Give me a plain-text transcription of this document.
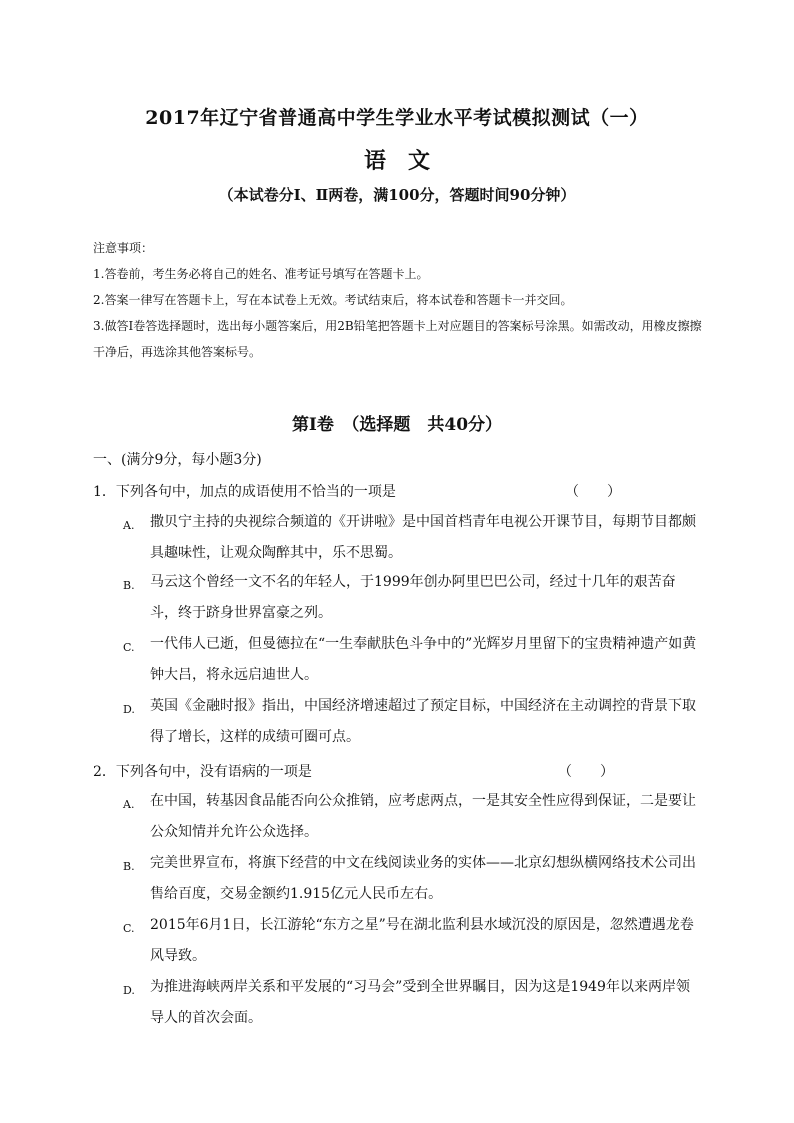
2017年辽宁省普通高中学生学业水平考试模拟测试（一）
语文
（本试卷分Ⅰ、Ⅱ两卷，满100分，答题时间90分钟）
注意事项：
1.答卷前，考生务必将自己的姓名、准考证号填写在答题卡上。
2.答案一律写在答题卡上，写在本试卷上无效。考试结束后，将本试卷和答题卡一并交回。
3.做答Ⅰ卷答选择题时，选出每小题答案后，用2B铅笔把答题卡上对应题目的答案标号涂黑。如需改动，用橡皮擦擦干净后，再选涂其他答案标号。
第Ⅰ卷　（选择题　共40分）
一、(满分9分，每小题3分)
1．下列各句中，加点的成语使用不恰当的一项是	（　　）
A. 撒贝宁主持的央视综合频道的《开讲啦》是中国首档青年电视公开课节目，每期节目都颇具趣味性，让观众陶醉其中，乐不思蜀。
B. 马云这个曾经一文不名的年轻人，于1999年创办阿里巴巴公司，经过十几年的艰苦奋斗，终于跻身世界富豪之列。
C. 一代伟人已逝，但曼德拉在“一生奉献肤色斗争中的”光辉岁月里留下的宝贵精神遗产如黄钟大吕，将永远启迪世人。
D. 英国《金融时报》指出，中国经济增速超过了预定目标，中国经济在主动调控的背景下取得了增长，这样的成绩可圈可点。
2．下列各句中，没有语病的一项是	（　　）
A. 在中国，转基因食品能否向公众推销，应考虑两点，一是其安全性应得到保证，二是要让公众知情并允许公众选择。
B. 完美世界宣布，将旗下经营的中文在线阅读业务的实体——北京幻想纵横网络技术公司出售给百度，交易金额约1.915亿元人民币左右。
C. 2015年6月1日，长江游轮“东方之星”号在湖北监利县水域沉没的原因是，忽然遭遇龙卷风导致。
D. 为推进海峡两岸关系和平发展的“习马会”受到全世界瞩目，因为这是1949年以来两岸领导人的首次会面。
